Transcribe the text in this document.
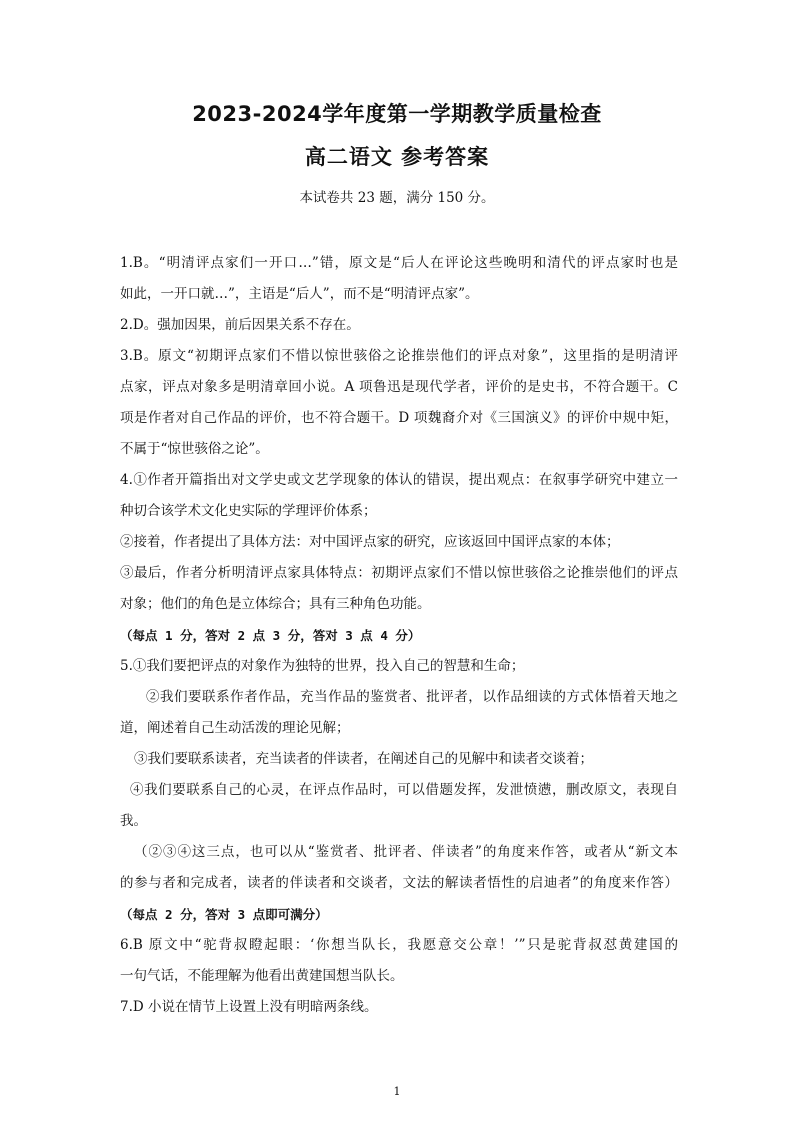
2023-2024学年度第一学期教学质量检查
高二语文 参考答案
本试卷共 23 题，满分 150 分。
1.B。“明清评点家们一开口…”错，原文是“后人在评论这些晚明和清代的评点家时也是
如此，一开口就…”，主语是“后人”，而不是“明清评点家”。
2.D。强加因果，前后因果关系不存在。
3.B。原文“初期评点家们不惜以惊世骇俗之论推崇他们的评点对象”，这里指的是明清评
点家，评点对象多是明清章回小说。A 项鲁迅是现代学者，评价的是史书，不符合题干。C
项是作者对自己作品的评价，也不符合题干。D 项魏裔介对《三国演义》的评价中规中矩，
不属于“惊世骇俗之论”。
4.①作者开篇指出对文学史或文艺学现象的体认的错误，提出观点：在叙事学研究中建立一
种切合该学术文化史实际的学理评价体系；
②接着，作者提出了具体方法：对中国评点家的研究，应该返回中国评点家的本体；
③最后，作者分析明清评点家具体特点：初期评点家们不惜以惊世骇俗之论推崇他们的评点
对象；他们的角色是立体综合；具有三种角色功能。
（每点 1 分，答对 2 点 3 分，答对 3 点 4 分）
5.①我们要把评点的对象作为独特的世界，投入自己的智慧和生命；
②我们要联系作者作品，充当作品的鉴赏者、批评者，以作品细读的方式体悟着天地之
道，阐述着自己生动活泼的理论见解；
③我们要联系读者，充当读者的伴读者，在阐述自己的见解中和读者交谈着；
④我们要联系自己的心灵，在评点作品时，可以借题发挥，发泄愤懑，删改原文，表现自
我。
（②③④这三点，也可以从“鉴赏者、批评者、伴读者”的角度来作答，或者从“新文本
的参与者和完成者，读者的伴读者和交谈者，文法的解读者悟性的启迪者”的角度来作答）
（每点 2 分，答对 3 点即可满分）
6.B 原文中“驼背叔瞪起眼：‘你想当队长，我愿意交公章！’”只是驼背叔怼黄建国的
一句气话，不能理解为他看出黄建国想当队长。
7.D 小说在情节上设置上没有明暗两条线。
1
